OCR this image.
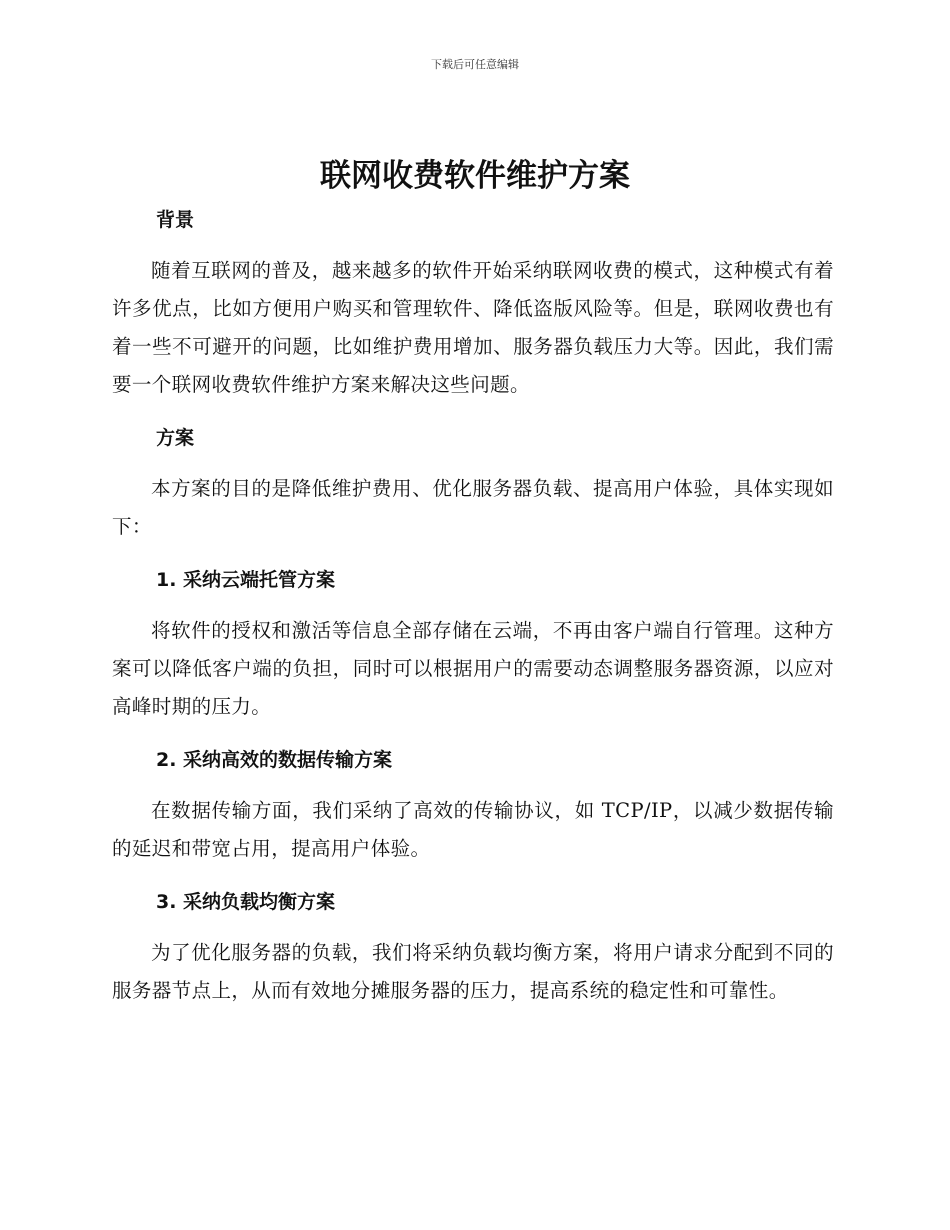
下载后可任意编辑
联网收费软件维护方案

背景

随着互联网的普及，越来越多的软件开始采纳联网收费的模式，这种模式有着许多优点，比如方便用户购买和管理软件、降低盗版风险等。但是，联网收费也有着一些不可避开的问题，比如维护费用增加、服务器负载压力大等。因此，我们需要一个联网收费软件维护方案来解决这些问题。

方案

本方案的目的是降低维护费用、优化服务器负载、提高用户体验，具体实现如下：

1. 采纳云端托管方案

将软件的授权和激活等信息全部存储在云端，不再由客户端自行管理。这种方案可以降低客户端的负担，同时可以根据用户的需要动态调整服务器资源，以应对高峰时期的压力。

2. 采纳高效的数据传输方案

在数据传输方面，我们采纳了高效的传输协议，如 TCP/IP，以减少数据传输的延迟和带宽占用，提高用户体验。

3. 采纳负载均衡方案

为了优化服务器的负载，我们将采纳负载均衡方案，将用户请求分配到不同的服务器节点上，从而有效地分摊服务器的压力，提高系统的稳定性和可靠性。
